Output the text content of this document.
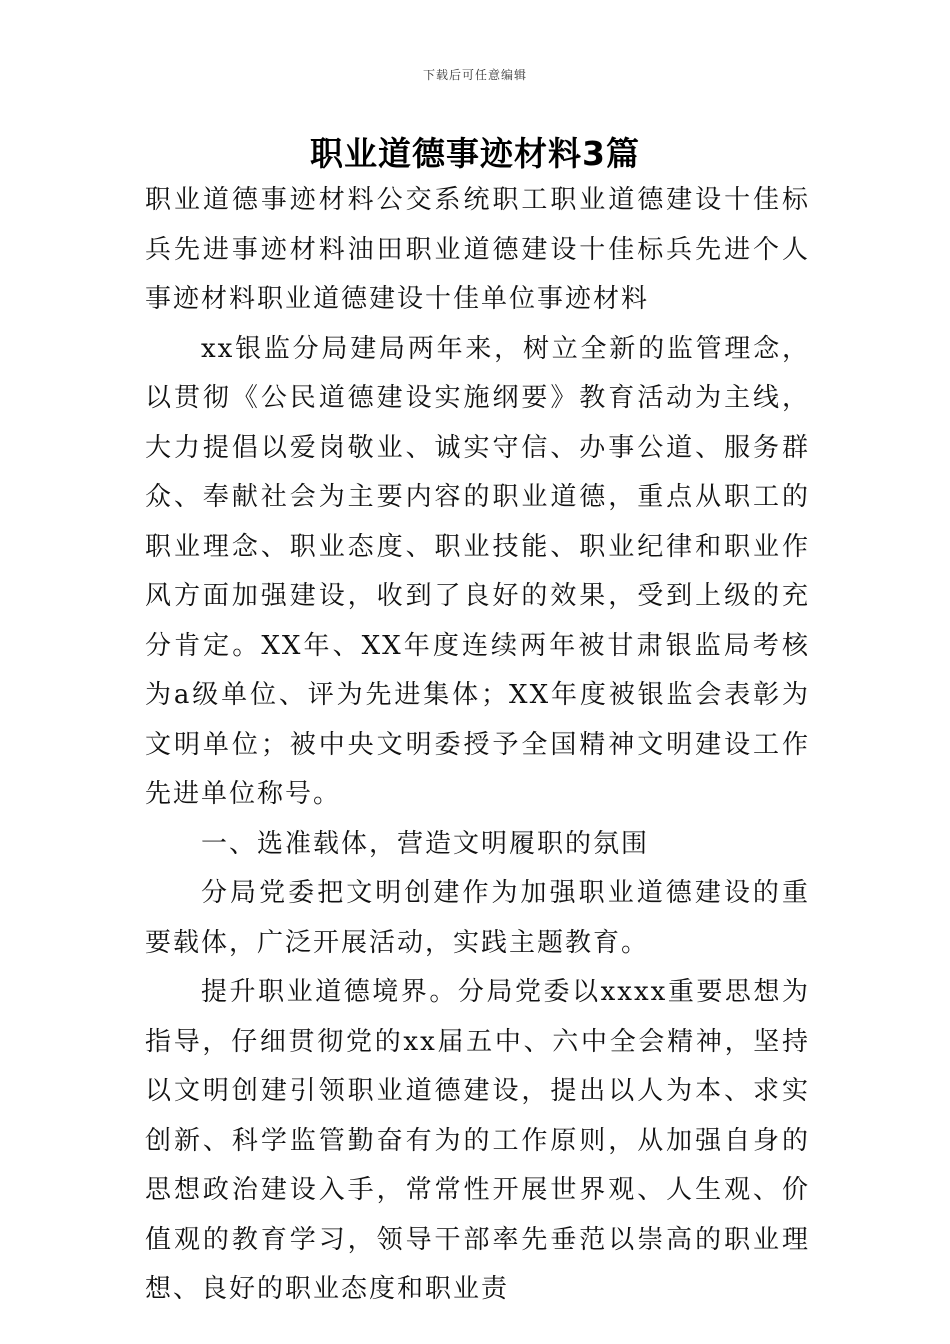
下载后可任意编辑
职业道德事迹材料3篇

职业道德事迹材料公交系统职工职业道德建设十佳标兵先进事迹材料油田职业道德建设十佳标兵先进个人事迹材料职业道德建设十佳单位事迹材料

xx银监分局建局两年来，树立全新的监管理念，以贯彻《公民道德建设实施纲要》教育活动为主线，大力提倡以爱岗敬业、诚实守信、办事公道、服务群众、奉献社会为主要内容的职业道德，重点从职工的职业理念、职业态度、职业技能、职业纪律和职业作风方面加强建设，收到了良好的效果，受到上级的充分肯定。XX年、XX年度连续两年被甘肃银监局考核为a级单位、评为先进集体；XX年度被银监会表彰为文明单位；被中央文明委授予全国精神文明建设工作先进单位称号。

一、选准载体，营造文明履职的氛围

分局党委把文明创建作为加强职业道德建设的重要载体，广泛开展活动，实践主题教育。

提升职业道德境界。分局党委以xxxx重要思想为指导，仔细贯彻党的xx届五中、六中全会精神，坚持以文明创建引领职业道德建设，提出以人为本、求实创新、科学监管勤奋有为的工作原则，从加强自身的思想政治建设入手，常常性开展世界观、人生观、价值观的教育学习，领导干部率先垂范以崇高的职业理想、良好的职业态度和职业责
